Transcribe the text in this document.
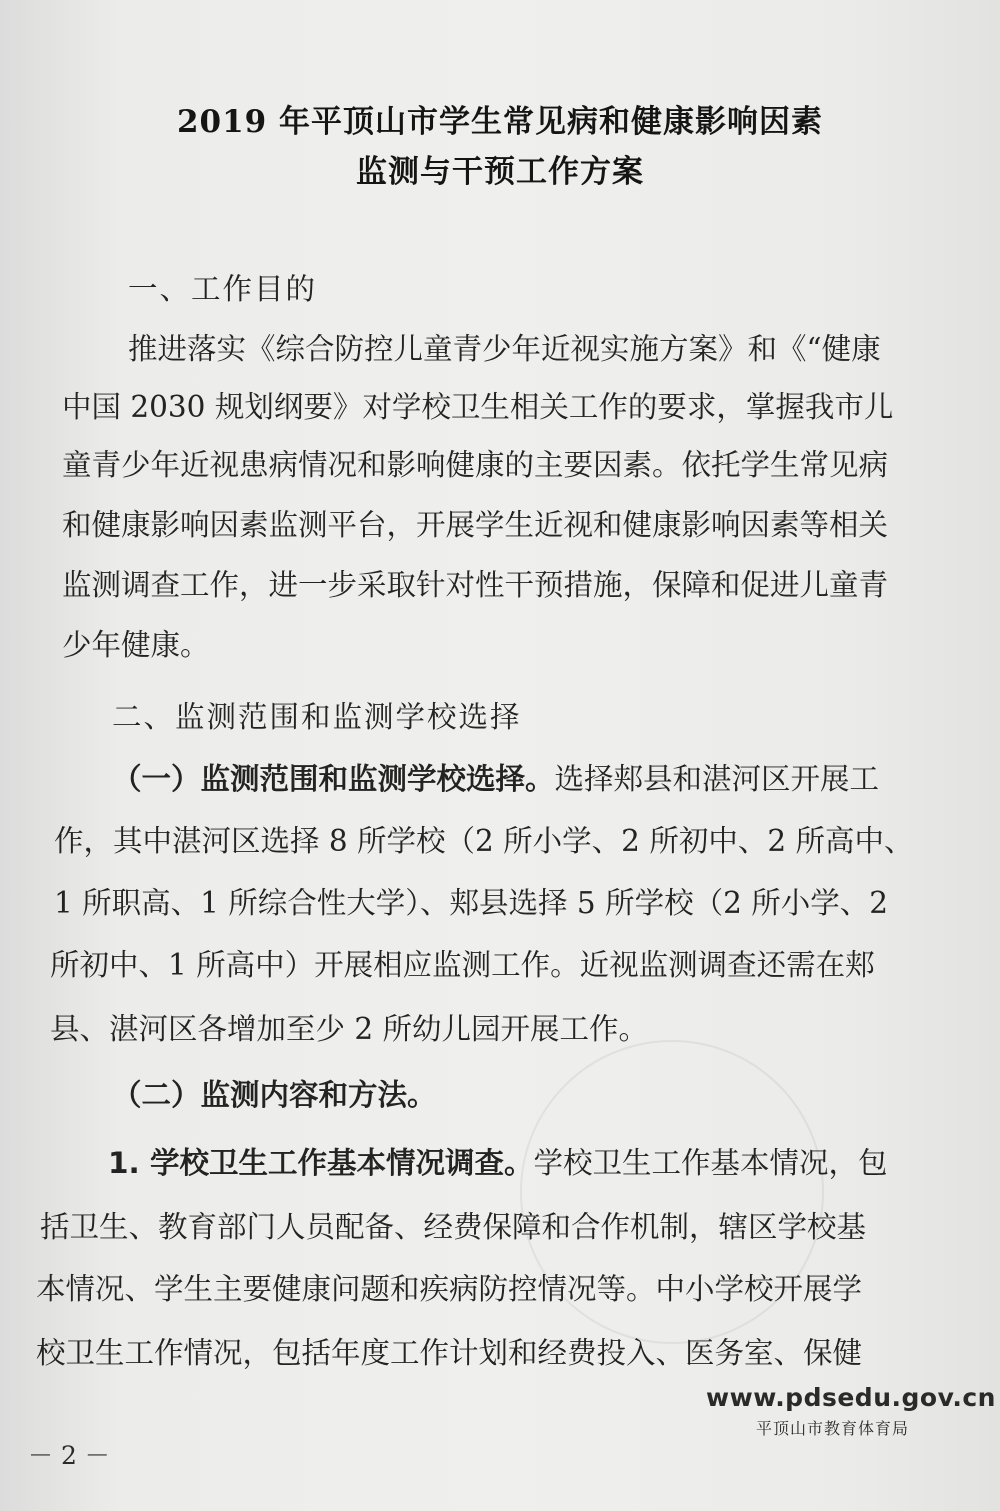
2019 年平顶山市学生常见病和健康影响因素
监测与干预工作方案
一、工作目的
推进落实《综合防控儿童青少年近视实施方案》和《“健康
中国 2030 规划纲要》对学校卫生相关工作的要求，掌握我市儿
童青少年近视患病情况和影响健康的主要因素。依托学生常见病
和健康影响因素监测平台，开展学生近视和健康影响因素等相关
监测调查工作，进一步采取针对性干预措施，保障和促进儿童青
少年健康。
二、监测范围和监测学校选择
（一）监测范围和监测学校选择。选择郏县和湛河区开展工
作，其中湛河区选择 8 所学校（2 所小学、2 所初中、2 所高中、
1 所职高、1 所综合性大学）、郏县选择 5 所学校（2 所小学、2
所初中、1 所高中）开展相应监测工作。近视监测调查还需在郏
县、湛河区各增加至少 2 所幼儿园开展工作。
（二）监测内容和方法。
1. 学校卫生工作基本情况调查。学校卫生工作基本情况，包
括卫生、教育部门人员配备、经费保障和合作机制，辖区学校基
本情况、学生主要健康问题和疾病防控情况等。中小学校开展学
校卫生工作情况，包括年度工作计划和经费投入、医务室、保健
www.pdsedu.gov.cn
平顶山市教育体育局
－ 2 －
